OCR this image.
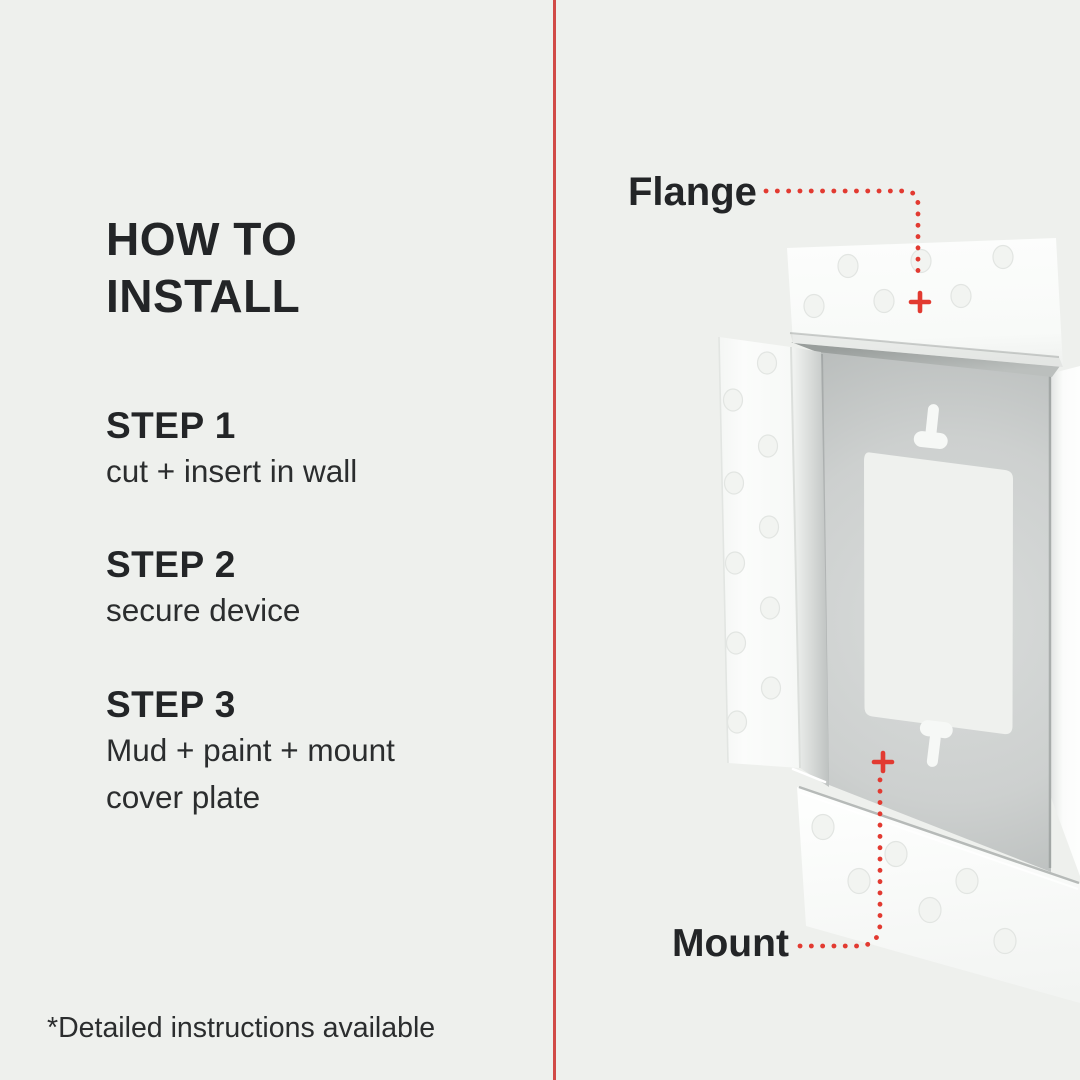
HOW TO
INSTALL
STEP 1
cut + insert in wall
STEP 2
secure device
STEP 3
Mud + paint + mount
cover plate
*Detailed instructions available
Flange
Mount
